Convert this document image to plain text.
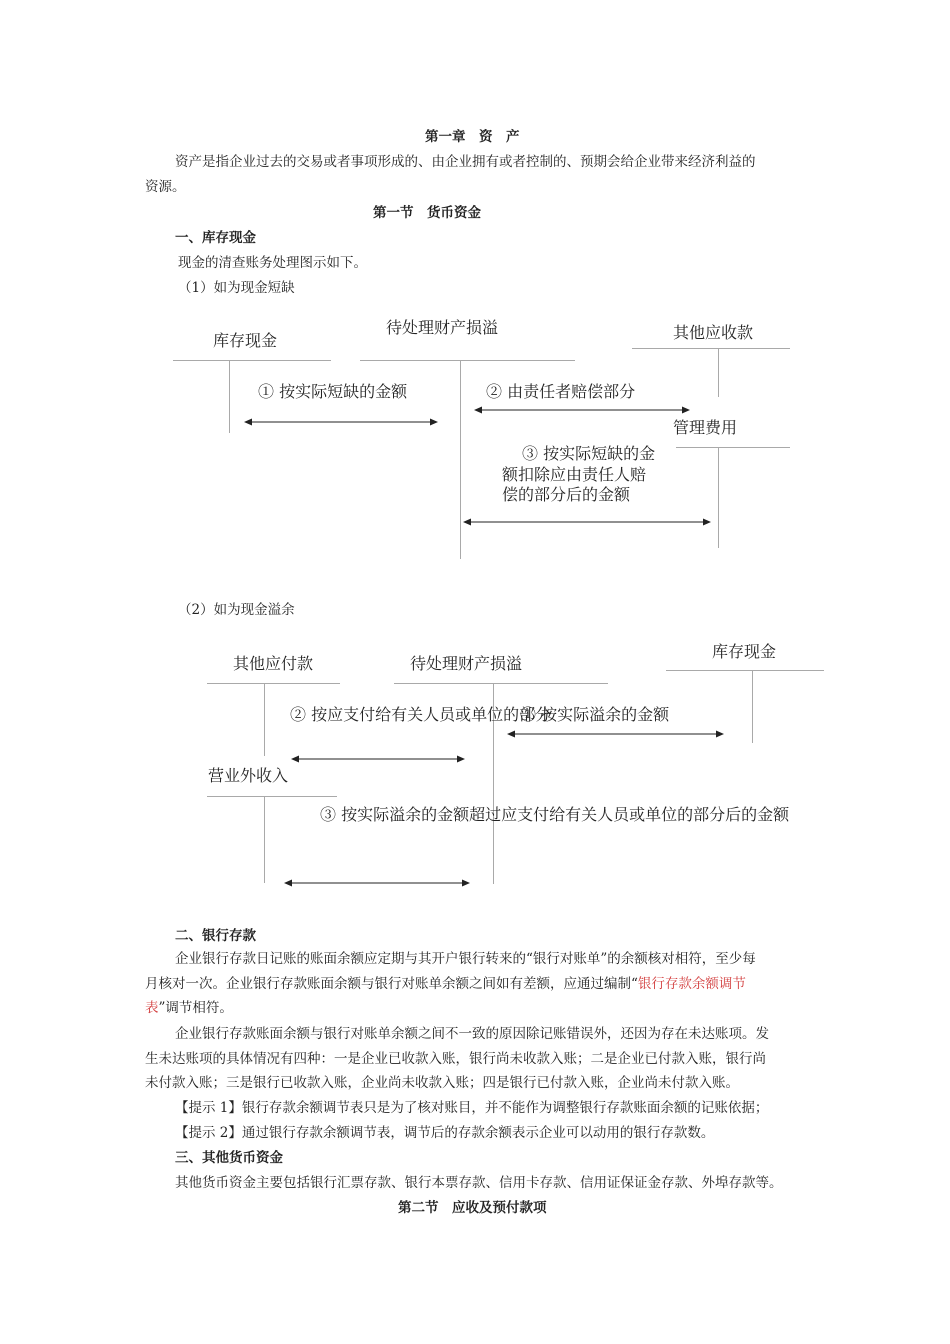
第一章　资　产
资产是指企业过去的交易或者事项形成的、由企业拥有或者控制的、预期会给企业带来经济利益的
资源。
第一节　货币资金
一、库存现金
现金的清查账务处理图示如下。
（1）如为现金短缺
库存现金
待处理财产损溢	其他应收款
管理费用
① 按实际短缺的金额	② 由责任者赔偿部分
③ 按实际短缺的金
额扣除应由责任人赔
偿的部分后的金额
（2）如为现金溢余
其他应付款	待处理财产损溢
库存现金
营业外收入
② 按应支付给有关人员或单位的部分
① 按实际溢余的金额
③ 按实际溢余的金额超过应支付给有关人员或单位的部分后的金额
二、银行存款
企业银行存款日记账的账面余额应定期与其开户银行转来的“银行对账单”的余额核对相符，至少每
月核对一次。企业银行存款账面余额与银行对账单余额之间如有差额，应通过编制“银行存款余额调节
表”调节相符。
企业银行存款账面余额与银行对账单余额之间不一致的原因除记账错误外，还因为存在未达账项。发
生未达账项的具体情况有四种：一是企业已收款入账，银行尚未收款入账；二是企业已付款入账，银行尚
未付款入账；三是银行已收款入账，企业尚未收款入账；四是银行已付款入账，企业尚未付款入账。
【提示 1】银行存款余额调节表只是为了核对账目，并不能作为调整银行存款账面余额的记账依据；
【提示 2】通过银行存款余额调节表，调节后的存款余额表示企业可以动用的银行存款数。
三、其他货币资金
其他货币资金主要包括银行汇票存款、银行本票存款、信用卡存款、信用证保证金存款、外埠存款等。
第二节　应收及预付款项
